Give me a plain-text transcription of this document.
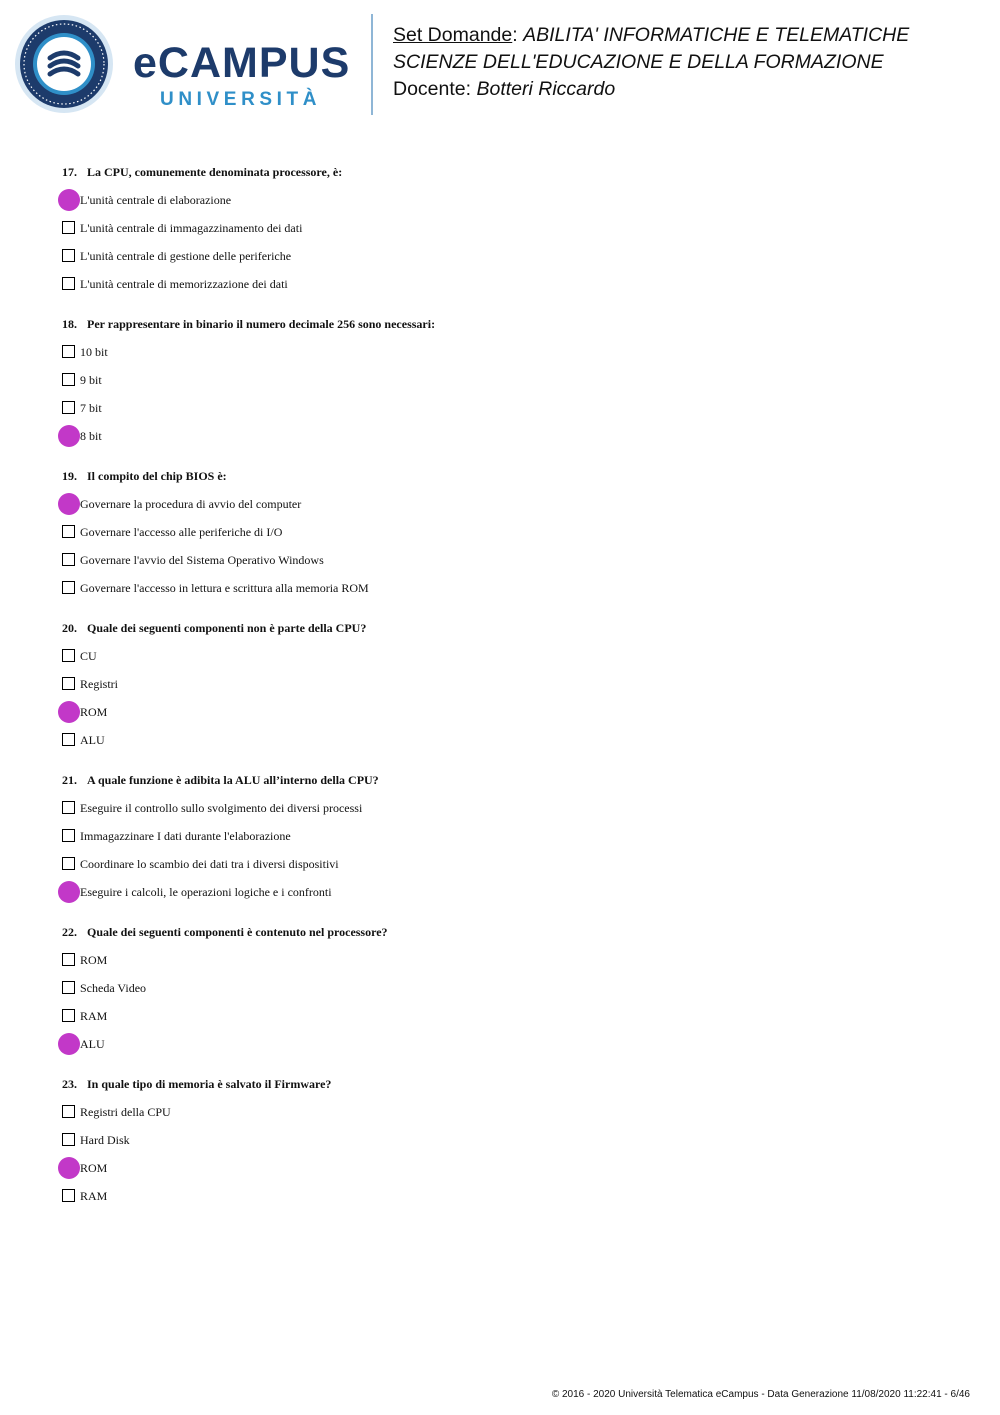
eCAMPUS
UNIVERSITÀ
Set Domande: ABILITA' INFORMATICHE E TELEMATICHE
SCIENZE DELL'EDUCAZIONE E DELLA FORMAZIONE
Docente: Botteri Riccardo
17. La CPU, comunemente denominata processore, è:
L'unità centrale di elaborazione
L'unità centrale di immagazzinamento dei dati
L'unità centrale di gestione delle periferiche
L'unità centrale di memorizzazione dei dati
18. Per rappresentare in binario il numero decimale 256 sono necessari:
10 bit
9 bit
7 bit
8 bit
19. Il compito del chip BIOS è:
Governare la procedura di avvio del computer
Governare l'accesso alle periferiche di I/O
Governare l'avvio del Sistema Operativo Windows
Governare l'accesso in lettura e scrittura alla memoria ROM
20. Quale dei seguenti componenti non è parte della CPU?
CU
Registri
ROM
ALU
21. A quale funzione è adibita la ALU all’interno della CPU?
Eseguire il controllo sullo svolgimento dei diversi processi
Immagazzinare I dati durante l'elaborazione
Coordinare lo scambio dei dati tra i diversi dispositivi
Eseguire i calcoli, le operazioni logiche e i confronti
22. Quale dei seguenti componenti è contenuto nel processore?
ROM
Scheda Video
RAM
ALU
23. In quale tipo di memoria è salvato il Firmware?
Registri della CPU
Hard Disk
ROM
RAM
© 2016 - 2020 Università Telematica eCampus - Data Generazione 11/08/2020 11:22:41 - 6/46
